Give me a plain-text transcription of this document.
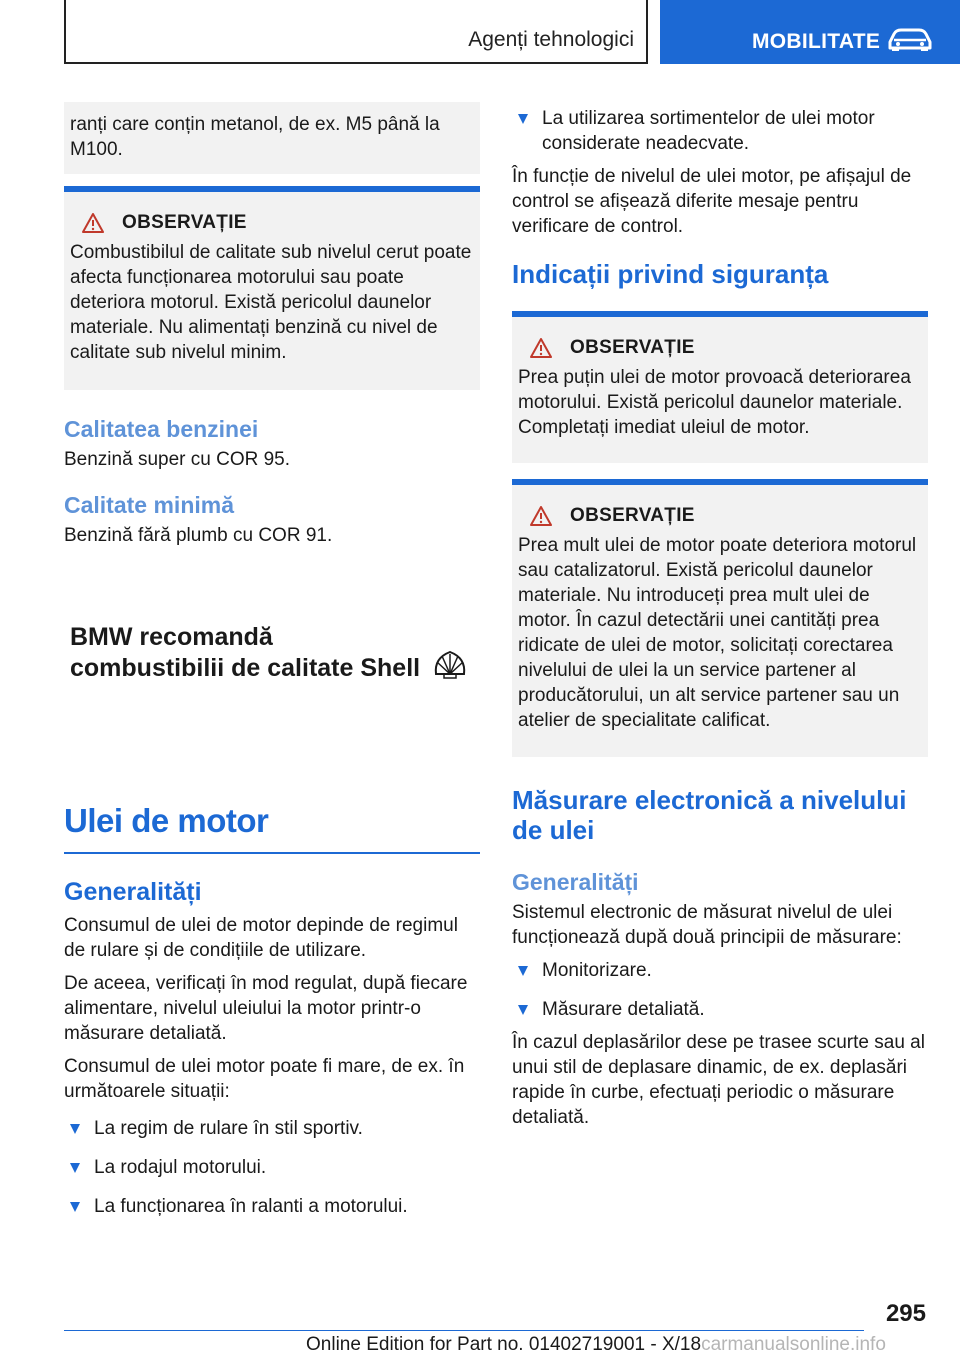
Agenți tehnologici	MOBILITATE

ranți care conțin metanol, de ex. M5 până la M100.

OBSERVAȚIE

Combustibilul de calitate sub nivelul cerut poate afecta funcționarea motorului sau poate deteriora motorul. Există pericolul daunelor materiale. Nu alimentați benzină cu nivel de calitate sub nivelul minim.

Calitatea benzinei

Benzină super cu COR 95.

Calitate minimă

Benzină fără plumb cu COR 91.

BMW recomandă
combustibilii de calitate Shell
Ulei de motor
Generalități

Consumul de ulei de motor depinde de regimul de rulare și de condițiile de utilizare.

De aceea, verificați în mod regulat, după fiecare alimentare, nivelul uleiului la motor printr-o măsurare detaliată.

Consumul de ulei motor poate fi mare, de ex. în următoarele situații:

La regim de rulare în stil sportiv.
La rodajul motorului.
La funcționarea în ralanti a motorului.
La utilizarea sortimentelor de ulei motor considerate neadecvate.

În funcție de nivelul de ulei motor, pe afișajul de control se afișează diferite mesaje pentru verificare de control.

Indicații privind siguranța
OBSERVAȚIE

Prea puțin ulei de motor provoacă deteriorarea motorului. Există pericolul daunelor materiale. Completați imediat uleiul de motor.

OBSERVAȚIE

Prea mult ulei de motor poate deteriora motorul sau catalizatorul. Există pericolul daunelor materiale. Nu introduceți prea mult ulei de motor. În cazul detectării unei cantități prea ridicate de ulei de motor, solicitați corectarea nivelului de ulei la un service partener al producătorului, un alt service partener sau un atelier de specialitate calificat.

Măsurare electronică a nivelului de ulei
Generalități

Sistemul electronic de măsurat nivelul de ulei funcționează după două principii de măsurare:

Monitorizare.
Măsurare detaliată.

În cazul deplasărilor dese pe trasee scurte sau al unui stil de deplasare dinamic, de ex. deplasări rapide în curbe, efectuați periodic o măsurare detaliată.

295
Online Edition for Part no. 01402719001 - X/18carmanualsonline.info
